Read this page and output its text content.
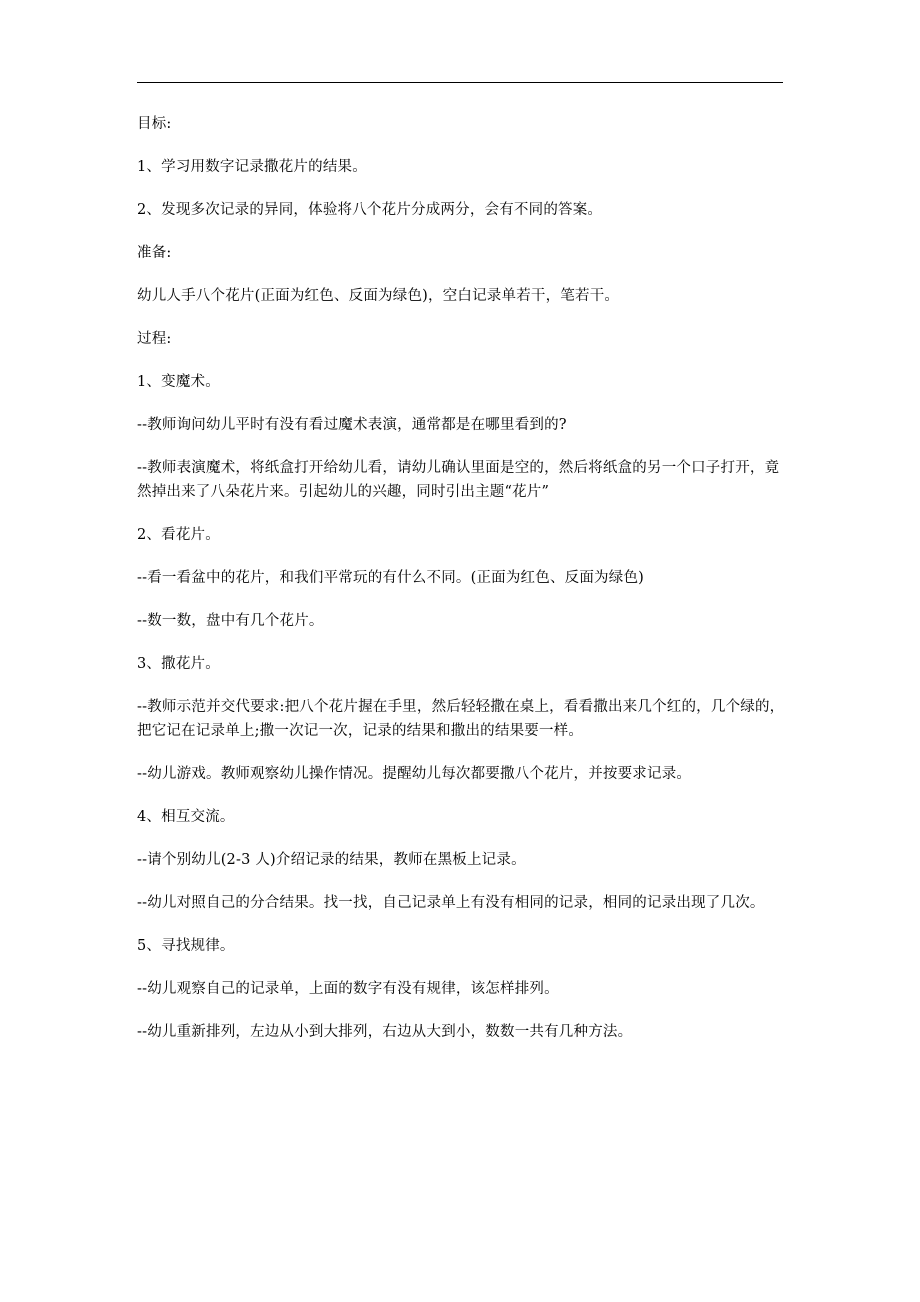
目标:

1、学习用数字记录撒花片的结果。

2、发现多次记录的异同，体验将八个花片分成两分，会有不同的答案。

准备:

幼儿人手八个花片(正面为红色、反面为绿色)，空白记录单若干，笔若干。

过程:

1、变魔术。

--教师询问幼儿平时有没有看过魔术表演，通常都是在哪里看到的?

--教师表演魔术，将纸盒打开给幼儿看，请幼儿确认里面是空的，然后将纸盒的另一个口子打开，竟然掉出来了八朵花片来。引起幼儿的兴趣，同时引出主题“花片”

2、看花片。

--看一看盆中的花片，和我们平常玩的有什么不同。(正面为红色、反面为绿色)

--数一数，盘中有几个花片。

3、撒花片。

--教师示范并交代要求:把八个花片握在手里，然后轻轻撒在桌上，看看撒出来几个红的，几个绿的，把它记在记录单上;撒一次记一次，记录的结果和撒出的结果要一样。

--幼儿游戏。教师观察幼儿操作情况。提醒幼儿每次都要撒八个花片，并按要求记录。

4、相互交流。

--请个别幼儿(2-3 人)介绍记录的结果，教师在黑板上记录。

--幼儿对照自己的分合结果。找一找，自己记录单上有没有相同的记录，相同的记录出现了几次。

5、寻找规律。

--幼儿观察自己的记录单，上面的数字有没有规律，该怎样排列。

--幼儿重新排列，左边从小到大排列，右边从大到小，数数一共有几种方法。
